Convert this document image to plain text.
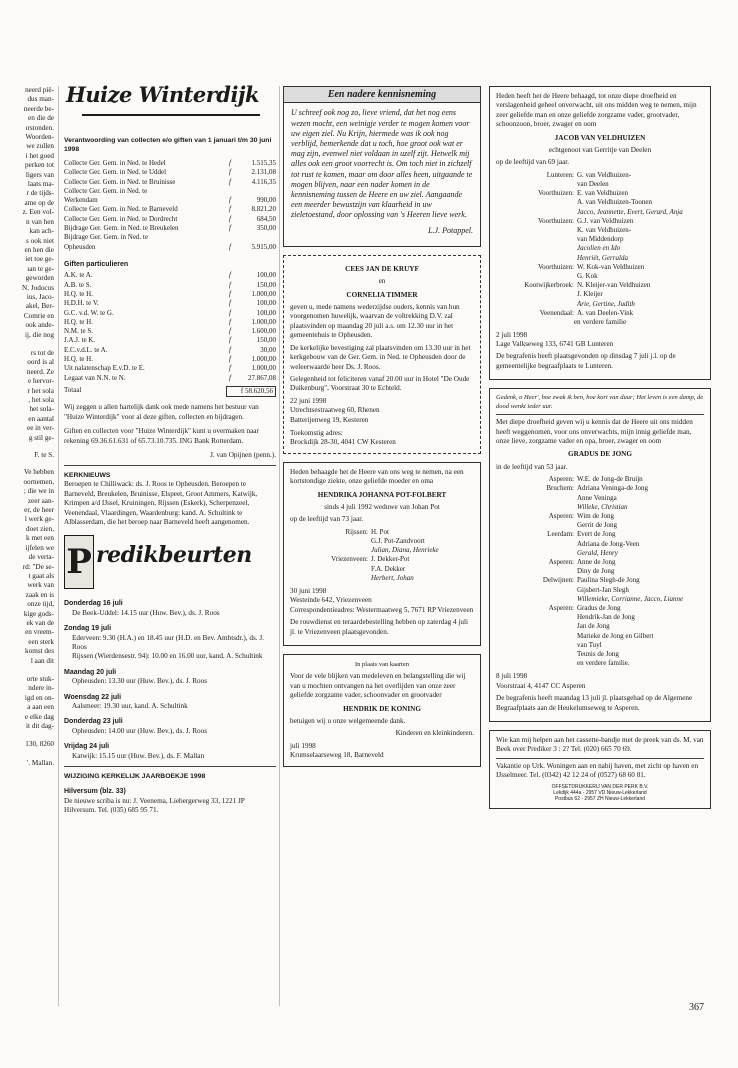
neerd pië-
dus man-
neerde be-
en die de
ırstonden.
Woorden-
we zullen
i het goed
perken tot
ligers van
laats ma-
r de tijds-
ame op de
z. Een vol-
n van hen
kan ach-
s ook niet
en hen die
iet toe ge-
ıan te ge-
geworden
N. Jodocus
ius, Jaco-
akel, Ber-
Comrie en
ook ande-
ij, die nog
rs tot de
oord is al
neerd. Ze
e hervor-
r het sola
, het sola
het sola-
en aantal
ee in ver-
g stil ge-
F. te S.
Ve hebben
oornemen,
; die we in
zeer aan-
er, de heer
l werk ge-
doet zien,
k met een
ijfelen we
de verta-
rd: "De se-
t gaat als
werk van
zaak en is
onze tijd,
kige gods-
ek van de
en vreem-
een sterk
komst des
l aan dit
orte stuk-
ndere in-
igd en on-
a aan een
e elke dag
it dit dag-
130, 8260
'. Mallan.
Huize Winterdijk
Verantwoording van collecten e/o giften van 1 januari t/m 30 juni 1998
Collecte Ger. Gem. in Ned. te Hedel	f	1.515,35
Collecte Ger. Gem. in Ned. te Uddel	f	2.131,08
Collecte Ger. Gem. in Ned. te Bruinisse	f	4.116,35
Collecte Ger. Gem. in Ned. te
Werkendam	f	990,00
Collecte Ger. Gem. in Ned. te Barneveld	f	8.821,20
Collecte Ger. Gem. in Ned. te Dordrecht	f	684,50
Bijdrage Ger. Gem. in Ned. te Breukelen	f	350,00
Bijdrage Ger. Gem. in Ned. te
Opheusden	f	5.915,00
Giften particulieren
A.K. te A.	f	100,00
A.B. te S.	f	150,00
H.Q. te H.	f	1.000,00
H.D.H. te V.	f	100,00
G.C. v.d. W. te G.	f	100,00
H.Q. te H.	f	1.000,00
N.M. te S.	f	1.600,00
J.A.J. te K.	f	150,00
E.C.v.d.L. te A.	f	30,00
H.Q. te H.	f	1.000,00
Uit nalatenschap E.v.D. te E.	f	1.000,00
Legaat van N.N. te N.	f	27.867,08
Totaal	f 58.620,56

Wij zeggen u allen hartelijk dank ook mede namens het bestuur van "Huize Winterdijk" voor al deze giften, collecten en bijdragen.

Giften en collecten voor "Huize Winterdijk" kunt u overmaken naar rekening 69.36.61.631 of 65.73.10.735. ING Bank Rotterdam.

J. van Opijnen (penn.).

KERKNIEUWS

Beroepen te Chilliwack: ds. J. Roos te Opheusden. Beroepen te Barneveld, Breukelen, Bruinisse, Elspeet, Groot Ammers, Katwijk, Krimpen a/d IJssel, Kruiningen, Rijssen (Eskerk), Scherpenzeel, Veenendaal, Vlaardingen, Waardenburg: kand. A. Schultink te Alblasserdam, die het beroep naar Barneveld heeft aangenomen.

P redikbeurten
Donderdag 16 juli
De Beek-Uddel: 14.15 uur (Huw. Bev.), ds. J. Roos
Zondag 19 juli
Ederveen: 9.30 (H.A.) en 18.45 uur (H.D. en Bev. Ambtsdr.), ds. J. Roos
Rijssen (Wierdensestr. 94): 10.00 en 16.00 uur, kand. A. Schultink
Maandag 20 juli
Opheusden: 13.30 uur (Huw. Bev.), ds. J. Roos
Woensdag 22 juli
Aalsmeer: 19.30 uur, kand. A. Schultink
Donderdag 23 juli
Opheusden: 14.00 uur (Huw. Bev.), ds. J. Roos
Vrijdag 24 juli
Katwijk: 15.15 uur (Huw. Bev.), ds. F. Mallan
WIJZIGING KERKELIJK JAARBOEKJE 1998
Hilversum (blz. 33)

De nieuwe scriba is nu: J. Veenema, Liebergerweg 33, 1221 JP Hilversum. Tel. (035) 685 95 71.

Een nadere kennisneming

U schreef ook nog zo, lieve vriend, dat het nog eens wezen mocht, een weinigje verder te mogen komen voor uw eigen ziel. Nu Krijn, hiermede was ik ook nog verblijd, bemerkende dat u toch, hoe groot ook wat er mag zijn, evenwel niet voldaan in uzelf zijt. Hetwelk mij alles ook een groot voorrecht is. Om toch niet in zichzelf tot rust te komen, maar om door alles heen, uitgaande te mogen blijven, naar een nader komen in de kennisneming tussen de Heere en uw ziel. Aangaande een meerder bewustzijn van klaarheid in uw zieletoestand, door oplossing van 's Heeren lieve werk.

L.J. Potappel.

CEES JAN DE KRUYF
en
CORNELIA TIMMER

geven u, mede namens wederzijdse ouders, kennis van hun voorgenomen huwelijk, waarvan de voltrekking D.V. zal plaatsvinden op maandag 20 juli a.s. om 12.30 uur in het gemeentehuis te Opheusden.

De kerkelijke bevestiging zal plaatsvinden om 13.30 uur in het kerkgebouw van de Ger. Gem. in Ned. te Opheusden door de weleerwaarde heer Ds. J. Roos.

Gelegenheid tot feliciteren vanaf 20.00 uur in Hotel "De Oude Duikenburg", Voorstraat 30 te Echteld.

22 juni 1998
Utrechtsestraatweg 60, Rhenen
Batterijenweg 19, Kesteren
Toekomstig adres:
Brockdijk 28-30, 4041 CW Kesteren

Heden behaagde het de Heere van ons weg te nemen, na een kortstondige ziekte, onze geliefde moeder en oma

HENDRIKA JOHANNA POT-FOLBERT

sinds 4 juli 1992 weduwe van Johan Pot

op de leeftijd van 73 jaar.

Rijssen: H. Pot
G.J. Pot-Zandvoort
Julian, Diana, Henrieke
Vriezenveen: J. Dekker-Pot
F.A. Dekker
Herbert, Johan
30 juni 1998
Westeinde 642, Vriezenveen

Correspondentieadres: Westermaatweg 5, 7671 RP Vriezenveen

De rouwdienst en teraardebestelling hebben op zaterdag 4 juli jl. te Vriezenveen plaatsgevonden.

In plaats van kaarten

Voor de vele blijken van medeleven en belangstelling die wij van u mochten ontvangen na het overlijden van onze zeer geliefde zorgzame vader, schoonvader en grootvader

HENDRIK DE KONING

betuigen wij u onze welgemeende dank.

Kinderen en kleinkinderen.

juli 1998
Krumselaarseweg 18, Barneveld

Heden heeft het de Heere behaagd, tot onze diepe droefheid en verslagenheid geheel onverwacht, uit ons midden weg te nemen, mijn zeer geliefde man en onze geliefde zorgzame vader, grootvader, schoonzoon, broer, zwager en oom

JACOB VAN VELDHUIZEN

echtgenoot van Gerritje van Deelen

op de leeftijd van 69 jaar.

Lunteren: G. van Veldhuizen-
van Deelen
Voorthuizen: E. van Veldhuizen
A. van Veldhuizen-Toonen
Jacco, Jeannette, Evert, Gerard, Anja
Voorthuizen: G.J. van Veldhuizen
K. van Veldhuizen-
van Middendorp
Jacolien en Ido
Henriët, Gerralda
Voorthuizen: W. Kok-van Veldhuizen
G. Kok
Kootwijkerbroek: N. Kleijer-van Veldhuizen
J. Kleijer
Arie, Gertine, Judith
Veenendaal: A. van Deelen-Vink

en verdere familie

2 juli 1998

Lage Valkseweg 133, 6741 GB Lunteren

De begrafenis heeft plaatsgevonden op dinsdag 7 juli j.l. op de gemeentelijke begraafplaats te Lunteren.

Gedenk, o Heer', hoe zwak ik ben, hoe kort van duur; Het leven is een damp, de dood wenkt ieder uur.

Met diepe droefheid geven wij u kennis dat de Heere uit ons midden heeft weggenomen, voor ons onverwachts, mijn innig geliefde man, onze lieve, zorgzame vader en opa, broer, zwager en oom

GRADUS DE JONG

in de leeftijd van 53 jaar.

Asperen: W.E. de Jong-de Bruijn
Bruchem: Adriana Veninga-de Jong
Anne Veninga
Willeke, Christian
Asperen: Wim de Jong
Gerrit de Jong
Leerdam: Evert de Jong
Adriana de Jong-Veen
Gerald, Henry
Asperen: Anne de Jong
Diny de Jong
Delwijnen: Paulina Slegh-de Jong
Gijsbert-Jan Slegh
Willemieke, Corrianne, Jacco, Lianne
Asperen: Gradus de Jong
Hendrik-Jan de Jong
Jan de Jong
Marieke de Jong en Gilbert
van Tuyl
Teunis de Jong
en verdere familie.
8 juli 1998

Voorstraat 4, 4147 CC Asperen

De begrafenis heeft maandag 13 juli jl. plaatsgehad op de Algemene Begraafplaats aan de Heukelumseweg te Asperen.

Wie kan mij helpen aan het cassette-bandje met de preek van ds. M. van Beek over Prediker 3 : 2? Tel. (020) 665 70 69.

Vakantie op Urk. Woningen aan en nabij haven, met zicht op haven en IJsselmeer. Tel. (0342) 42 12 24 of (0527) 68 60 81.

OFFSETDRUKKERIJ VAN DER PERK B.V.
Lekdijk 444a - 2957 VD Nieuw-Lekkerland
Postbus 62 - 2957 ZH Nieuw-Lekkerland
367
